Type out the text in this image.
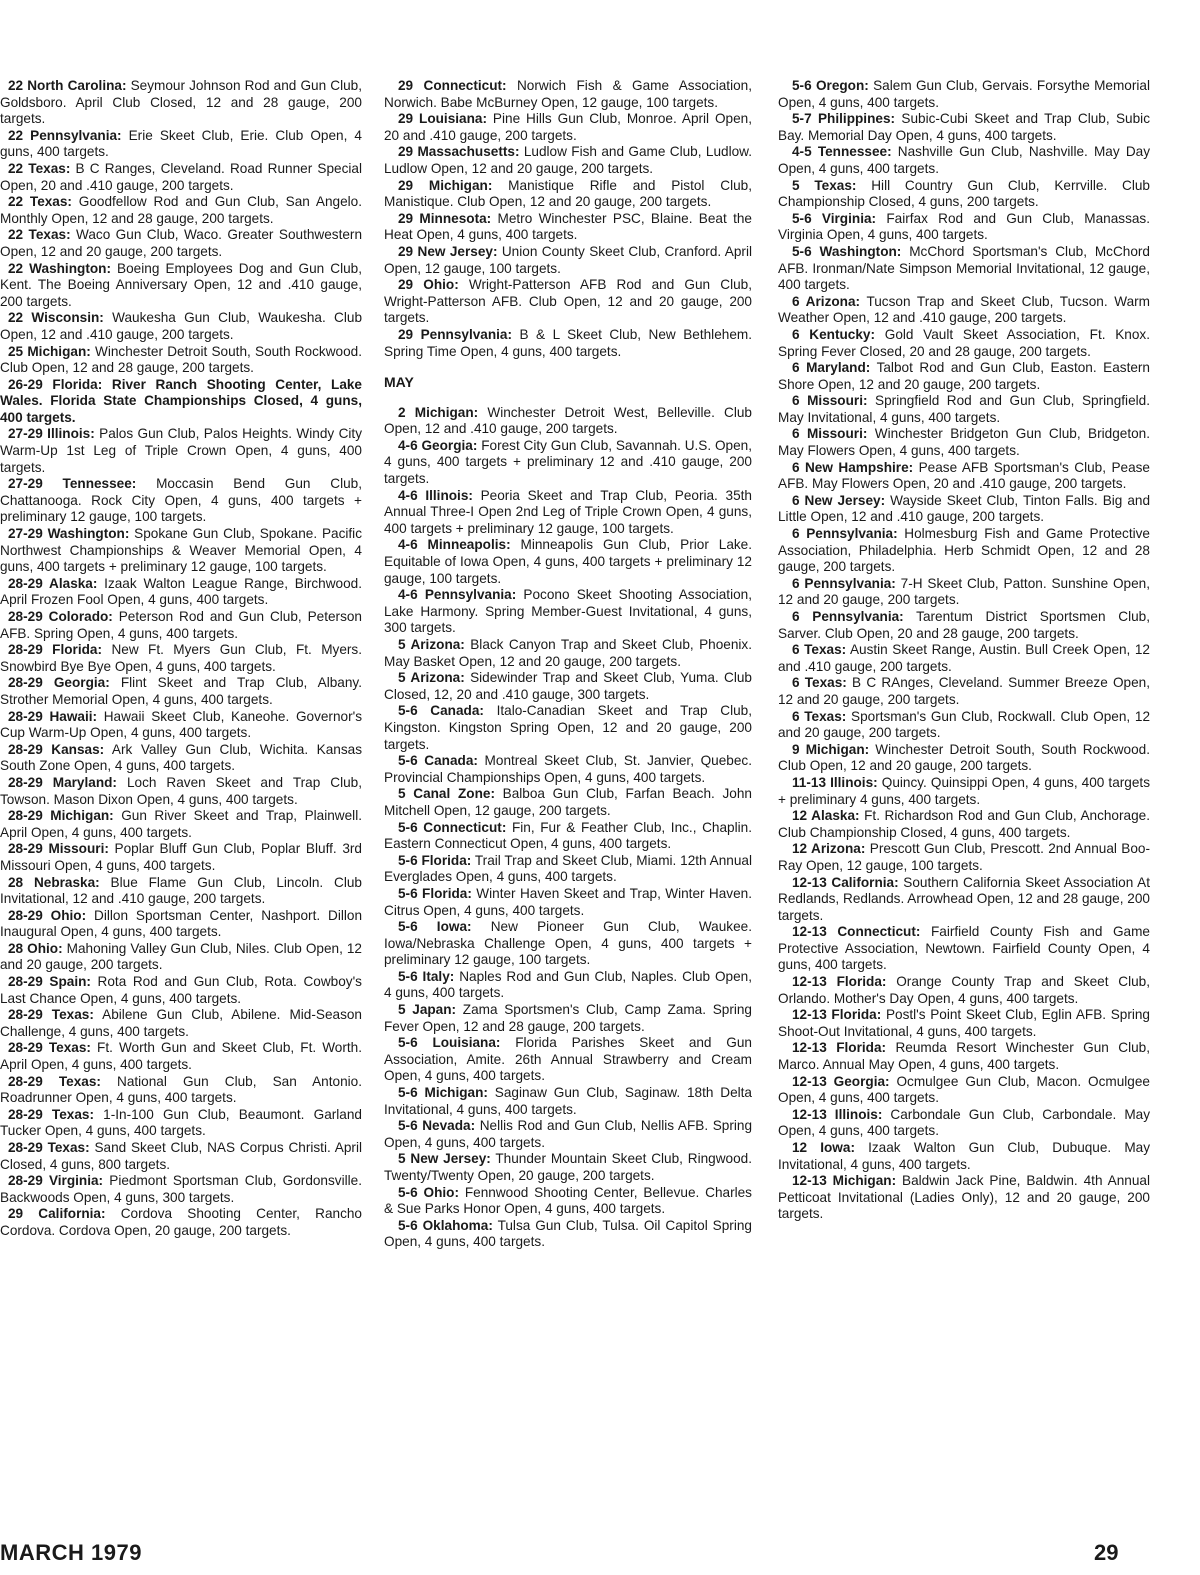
22 North Carolina: Seymour Johnson Rod and Gun Club, Goldsboro. April Club Closed, 12 and 28 gauge, 200 targets.

22 Pennsylvania: Erie Skeet Club, Erie. Club Open, 4 guns, 400 targets.

22 Texas: B C Ranges, Cleveland. Road Runner Special Open, 20 and .410 gauge, 200 targets.

22 Texas: Goodfellow Rod and Gun Club, San Angelo. Monthly Open, 12 and 28 gauge, 200 targets.

22 Texas: Waco Gun Club, Waco. Greater Southwestern Open, 12 and 20 gauge, 200 targets.

22 Washington: Boeing Employees Dog and Gun Club, Kent. The Boeing Anniversary Open, 12 and .410 gauge, 200 targets.

22 Wisconsin: Waukesha Gun Club, Waukesha. Club Open, 12 and .410 gauge, 200 targets.

25 Michigan: Winchester Detroit South, South Rockwood. Club Open, 12 and 28 gauge, 200 targets.

26-29 Florida: River Ranch Shooting Center, Lake Wales. Florida State Championships Closed, 4 guns, 400 targets.

27-29 Illinois: Palos Gun Club, Palos Heights. Windy City Warm-Up 1st Leg of Triple Crown Open, 4 guns, 400 targets.

27-29 Tennessee: Moccasin Bend Gun Club, Chattanooga. Rock City Open, 4 guns, 400 targets + preliminary 12 gauge, 100 targets.

27-29 Washington: Spokane Gun Club, Spokane. Pacific Northwest Championships & Weaver Memorial Open, 4 guns, 400 targets + preliminary 12 gauge, 100 targets.

28-29 Alaska: Izaak Walton League Range, Birchwood. April Frozen Fool Open, 4 guns, 400 targets.

28-29 Colorado: Peterson Rod and Gun Club, Peterson AFB. Spring Open, 4 guns, 400 targets.

28-29 Florida: New Ft. Myers Gun Club, Ft. Myers. Snowbird Bye Bye Open, 4 guns, 400 targets.

28-29 Georgia: Flint Skeet and Trap Club, Albany. Strother Memorial Open, 4 guns, 400 targets.

28-29 Hawaii: Hawaii Skeet Club, Kaneohe. Governor's Cup Warm-Up Open, 4 guns, 400 targets.

28-29 Kansas: Ark Valley Gun Club, Wichita. Kansas South Zone Open, 4 guns, 400 targets.

28-29 Maryland: Loch Raven Skeet and Trap Club, Towson. Mason Dixon Open, 4 guns, 400 targets.

28-29 Michigan: Gun River Skeet and Trap, Plainwell. April Open, 4 guns, 400 targets.

28-29 Missouri: Poplar Bluff Gun Club, Poplar Bluff. 3rd Missouri Open, 4 guns, 400 targets.

28 Nebraska: Blue Flame Gun Club, Lincoln. Club Invitational, 12 and .410 gauge, 200 targets.

28-29 Ohio: Dillon Sportsman Center, Nashport. Dillon Inaugural Open, 4 guns, 400 targets.

28 Ohio: Mahoning Valley Gun Club, Niles. Club Open, 12 and 20 gauge, 200 targets.

28-29 Spain: Rota Rod and Gun Club, Rota. Cowboy's Last Chance Open, 4 guns, 400 targets.

28-29 Texas: Abilene Gun Club, Abilene. Mid-Season Challenge, 4 guns, 400 targets.

28-29 Texas: Ft. Worth Gun and Skeet Club, Ft. Worth. April Open, 4 guns, 400 targets.

28-29 Texas: National Gun Club, San Antonio. Roadrunner Open, 4 guns, 400 targets.

28-29 Texas: 1-In-100 Gun Club, Beaumont. Garland Tucker Open, 4 guns, 400 targets.

28-29 Texas: Sand Skeet Club, NAS Corpus Christi. April Closed, 4 guns, 800 targets.

28-29 Virginia: Piedmont Sportsman Club, Gordonsville. Backwoods Open, 4 guns, 300 targets.

29 California: Cordova Shooting Center, Rancho Cordova. Cordova Open, 20 gauge, 200 targets.

29 Connecticut: Norwich Fish & Game Association, Norwich. Babe McBurney Open, 12 gauge, 100 targets.

29 Louisiana: Pine Hills Gun Club, Monroe. April Open, 20 and .410 gauge, 200 targets.

29 Massachusetts: Ludlow Fish and Game Club, Ludlow. Ludlow Open, 12 and 20 gauge, 200 targets.

29 Michigan: Manistique Rifle and Pistol Club, Manistique. Club Open, 12 and 20 gauge, 200 targets.

29 Minnesota: Metro Winchester PSC, Blaine. Beat the Heat Open, 4 guns, 400 targets.

29 New Jersey: Union County Skeet Club, Cranford. April Open, 12 gauge, 100 targets.

29 Ohio: Wright-Patterson AFB Rod and Gun Club, Wright-Patterson AFB. Club Open, 12 and 20 gauge, 200 targets.

29 Pennsylvania: B & L Skeet Club, New Bethlehem. Spring Time Open, 4 guns, 400 targets.

MAY

2 Michigan: Winchester Detroit West, Belleville. Club Open, 12 and .410 gauge, 200 targets.

4-6 Georgia: Forest City Gun Club, Savannah. U.S. Open, 4 guns, 400 targets + preliminary 12 and .410 gauge, 200 targets.

4-6 Illinois: Peoria Skeet and Trap Club, Peoria. 35th Annual Three-I Open 2nd Leg of Triple Crown Open, 4 guns, 400 targets + preliminary 12 gauge, 100 targets.

4-6 Minneapolis: Minneapolis Gun Club, Prior Lake. Equitable of Iowa Open, 4 guns, 400 targets + preliminary 12 gauge, 100 targets.

4-6 Pennsylvania: Pocono Skeet Shooting Association, Lake Harmony. Spring Member-Guest Invitational, 4 guns, 300 targets.

5 Arizona: Black Canyon Trap and Skeet Club, Phoenix. May Basket Open, 12 and 20 gauge, 200 targets.

5 Arizona: Sidewinder Trap and Skeet Club, Yuma. Club Closed, 12, 20 and .410 gauge, 300 targets.

5-6 Canada: Italo-Canadian Skeet and Trap Club, Kingston. Kingston Spring Open, 12 and 20 gauge, 200 targets.

5-6 Canada: Montreal Skeet Club, St. Janvier, Quebec. Provincial Championships Open, 4 guns, 400 targets.

5 Canal Zone: Balboa Gun Club, Farfan Beach. John Mitchell Open, 12 gauge, 200 targets.

5-6 Connecticut: Fin, Fur & Feather Club, Inc., Chaplin. Eastern Connecticut Open, 4 guns, 400 targets.

5-6 Florida: Trail Trap and Skeet Club, Miami. 12th Annual Everglades Open, 4 guns, 400 targets.

5-6 Florida: Winter Haven Skeet and Trap, Winter Haven. Citrus Open, 4 guns, 400 targets.

5-6 Iowa: New Pioneer Gun Club, Waukee. Iowa/Nebraska Challenge Open, 4 guns, 400 targets + preliminary 12 gauge, 100 targets.

5-6 Italy: Naples Rod and Gun Club, Naples. Club Open, 4 guns, 400 targets.

5 Japan: Zama Sportsmen's Club, Camp Zama. Spring Fever Open, 12 and 28 gauge, 200 targets.

5-6 Louisiana: Florida Parishes Skeet and Gun Association, Amite. 26th Annual Strawberry and Cream Open, 4 guns, 400 targets.

5-6 Michigan: Saginaw Gun Club, Saginaw. 18th Delta Invitational, 4 guns, 400 targets.

5-6 Nevada: Nellis Rod and Gun Club, Nellis AFB. Spring Open, 4 guns, 400 targets.

5 New Jersey: Thunder Mountain Skeet Club, Ringwood. Twenty/Twenty Open, 20 gauge, 200 targets.

5-6 Ohio: Fennwood Shooting Center, Bellevue. Charles & Sue Parks Honor Open, 4 guns, 400 targets.

5-6 Oklahoma: Tulsa Gun Club, Tulsa. Oil Capitol Spring Open, 4 guns, 400 targets.

5-6 Oregon: Salem Gun Club, Gervais. Forsythe Memorial Open, 4 guns, 400 targets.

5-7 Philippines: Subic-Cubi Skeet and Trap Club, Subic Bay. Memorial Day Open, 4 guns, 400 targets.

4-5 Tennessee: Nashville Gun Club, Nashville. May Day Open, 4 guns, 400 targets.

5 Texas: Hill Country Gun Club, Kerrville. Club Championship Closed, 4 guns, 200 targets.

5-6 Virginia: Fairfax Rod and Gun Club, Manassas. Virginia Open, 4 guns, 400 targets.

5-6 Washington: McChord Sportsman's Club, McChord AFB. Ironman/Nate Simpson Memorial Invitational, 12 gauge, 400 targets.

6 Arizona: Tucson Trap and Skeet Club, Tucson. Warm Weather Open, 12 and .410 gauge, 200 targets.

6 Kentucky: Gold Vault Skeet Association, Ft. Knox. Spring Fever Closed, 20 and 28 gauge, 200 targets.

6 Maryland: Talbot Rod and Gun Club, Easton. Eastern Shore Open, 12 and 20 gauge, 200 targets.

6 Missouri: Springfield Rod and Gun Club, Springfield. May Invitational, 4 guns, 400 targets.

6 Missouri: Winchester Bridgeton Gun Club, Bridgeton. May Flowers Open, 4 guns, 400 targets.

6 New Hampshire: Pease AFB Sportsman's Club, Pease AFB. May Flowers Open, 20 and .410 gauge, 200 targets.

6 New Jersey: Wayside Skeet Club, Tinton Falls. Big and Little Open, 12 and .410 gauge, 200 targets.

6 Pennsylvania: Holmesburg Fish and Game Protective Association, Philadelphia. Herb Schmidt Open, 12 and 28 gauge, 200 targets.

6 Pennsylvania: 7-H Skeet Club, Patton. Sunshine Open, 12 and 20 gauge, 200 targets.

6 Pennsylvania: Tarentum District Sportsmen Club, Sarver. Club Open, 20 and 28 gauge, 200 targets.

6 Texas: Austin Skeet Range, Austin. Bull Creek Open, 12 and .410 gauge, 200 targets.

6 Texas: B C RAnges, Cleveland. Summer Breeze Open, 12 and 20 gauge, 200 targets.

6 Texas: Sportsman's Gun Club, Rockwall. Club Open, 12 and 20 gauge, 200 targets.

9 Michigan: Winchester Detroit South, South Rockwood. Club Open, 12 and 20 gauge, 200 targets.

11-13 Illinois: Quincy. Quinsippi Open, 4 guns, 400 targets + preliminary 4 guns, 400 targets.

12 Alaska: Ft. Richardson Rod and Gun Club, Anchorage. Club Championship Closed, 4 guns, 400 targets.

12 Arizona: Prescott Gun Club, Prescott. 2nd Annual Boo-Ray Open, 12 gauge, 100 targets.

12-13 California: Southern California Skeet Association At Redlands, Redlands. Arrowhead Open, 12 and 28 gauge, 200 targets.

12-13 Connecticut: Fairfield County Fish and Game Protective Association, Newtown. Fairfield County Open, 4 guns, 400 targets.

12-13 Florida: Orange County Trap and Skeet Club, Orlando. Mother's Day Open, 4 guns, 400 targets.

12-13 Florida: Postl's Point Skeet Club, Eglin AFB. Spring Shoot-Out Invitational, 4 guns, 400 targets.

12-13 Florida: Reumda Resort Winchester Gun Club, Marco. Annual May Open, 4 guns, 400 targets.

12-13 Georgia: Ocmulgee Gun Club, Macon. Ocmulgee Open, 4 guns, 400 targets.

12-13 Illinois: Carbondale Gun Club, Carbondale. May Open, 4 guns, 400 targets.

12 Iowa: Izaak Walton Gun Club, Dubuque. May Invitational, 4 guns, 400 targets.

12-13 Michigan: Baldwin Jack Pine, Baldwin. 4th Annual Petticoat Invitational (Ladies Only), 12 and 20 gauge, 200 targets.

MARCH 1979	29
